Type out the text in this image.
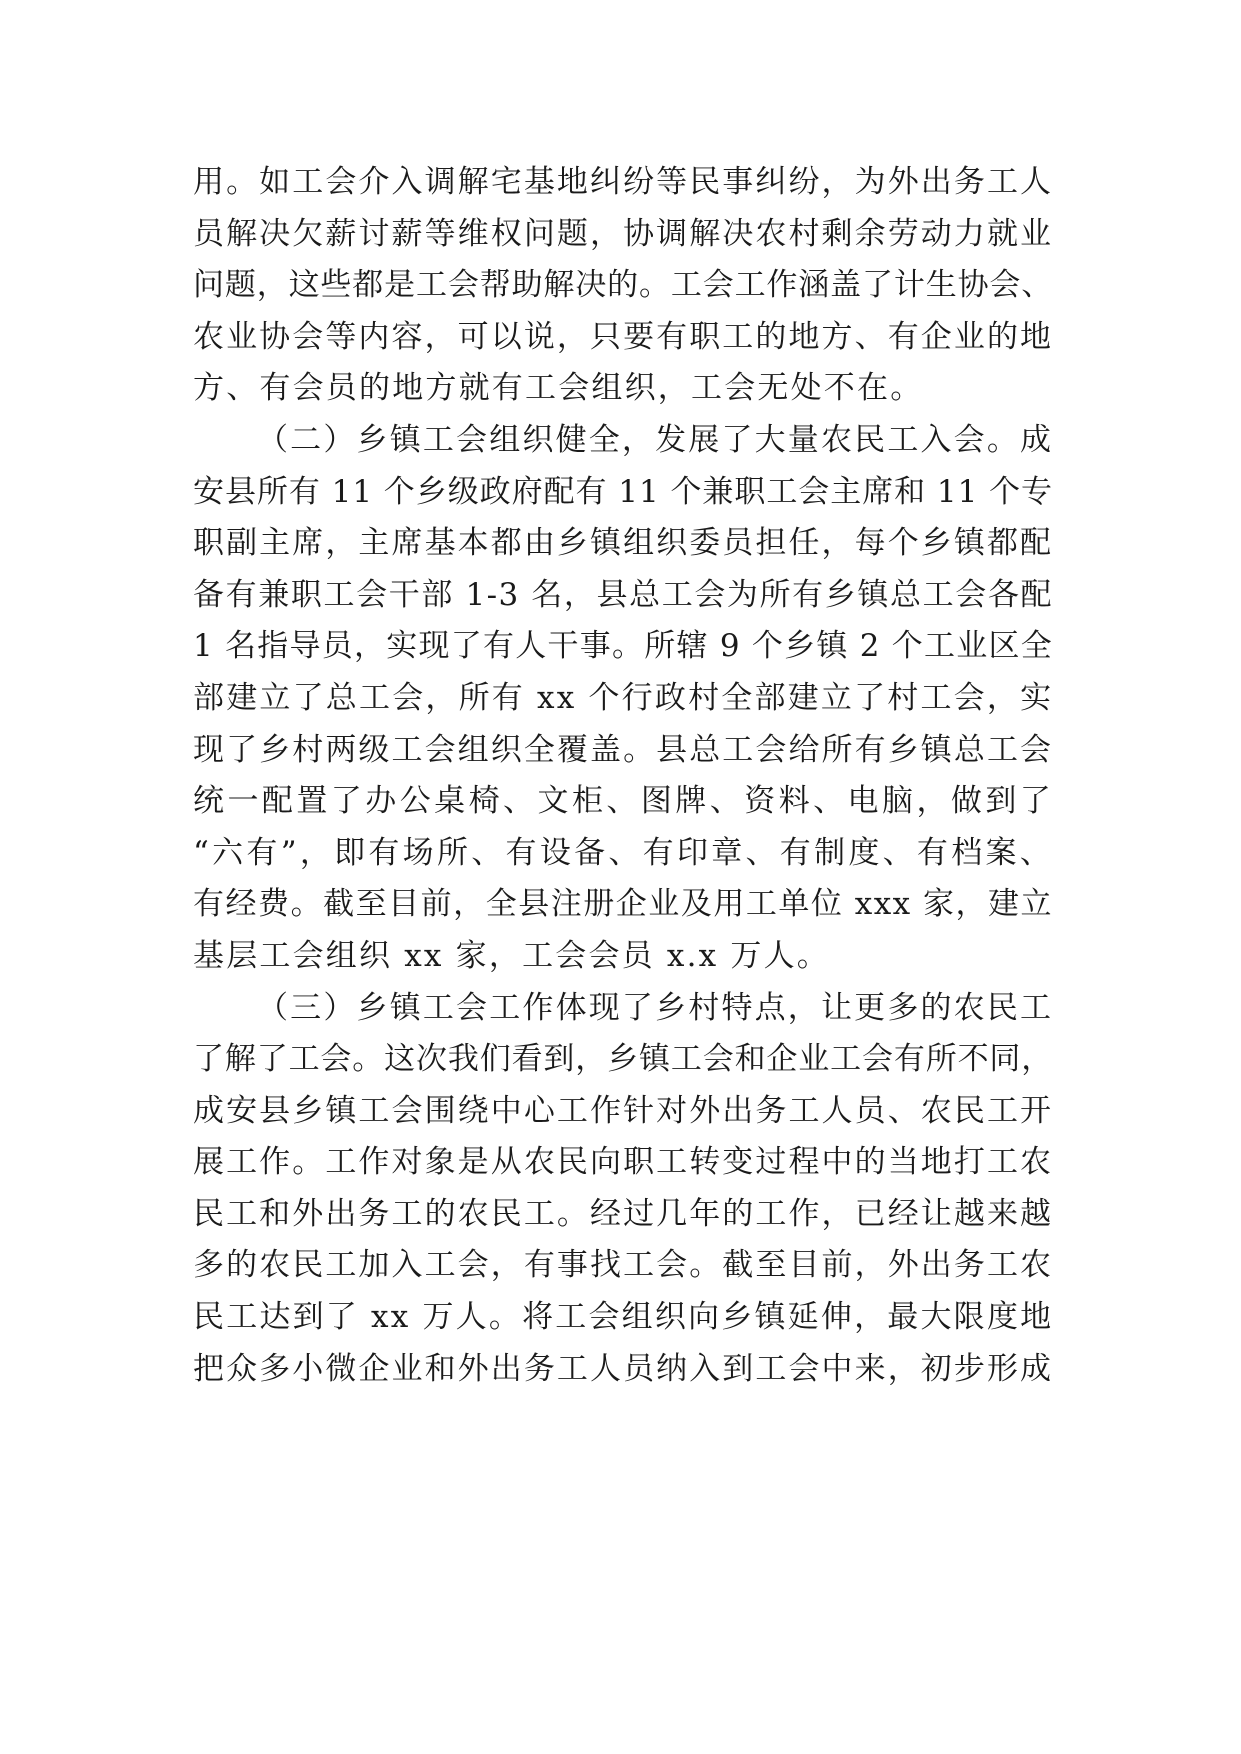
用。如工会介入调解宅基地纠纷等民事纠纷，为外出务工人
员解决欠薪讨薪等维权问题，协调解决农村剩余劳动力就业
问题，这些都是工会帮助解决的。工会工作涵盖了计生协会、
农业协会等内容，可以说，只要有职工的地方、有企业的地
方、有会员的地方就有工会组织，工会无处不在。
（二）乡镇工会组织健全，发展了大量农民工入会。成
安县所有 11 个乡级政府配有 11 个兼职工会主席和 11 个专
职副主席，主席基本都由乡镇组织委员担任，每个乡镇都配
备有兼职工会干部 1-3 名，县总工会为所有乡镇总工会各配
1 名指导员，实现了有人干事。所辖 9 个乡镇 2 个工业区全
部建立了总工会，所有 xx 个行政村全部建立了村工会，实
现了乡村两级工会组织全覆盖。县总工会给所有乡镇总工会
统一配置了办公桌椅、文柜、图牌、资料、电脑，做到了
“六有”，即有场所、有设备、有印章、有制度、有档案、
有经费。截至目前，全县注册企业及用工单位 xxx 家，建立
基层工会组织 xx 家，工会会员 x.x 万人。
（三）乡镇工会工作体现了乡村特点，让更多的农民工
了解了工会。这次我们看到，乡镇工会和企业工会有所不同，
成安县乡镇工会围绕中心工作针对外出务工人员、农民工开
展工作。工作对象是从农民向职工转变过程中的当地打工农
民工和外出务工的农民工。经过几年的工作，已经让越来越
多的农民工加入工会，有事找工会。截至目前，外出务工农
民工达到了 xx 万人。将工会组织向乡镇延伸，最大限度地
把众多小微企业和外出务工人员纳入到工会中来，初步形成
